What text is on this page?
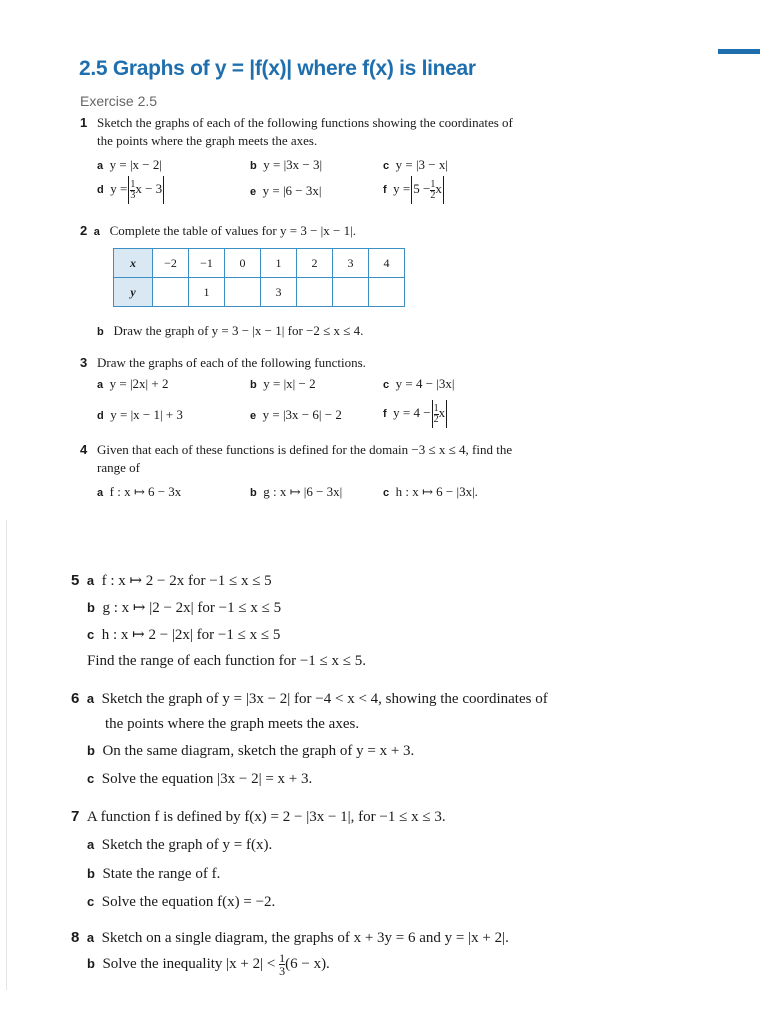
2.5 Graphs of y = |f(x)| where f(x) is linear
Exercise 2.5
1 Sketch the graphs of each of the following functions showing the coordinates of
the points where the graph meets the axes.
a y = |x − 2|	b y = |3x − 3|	c y = |3 − x|
d $y = \frac{1}{3}$ x − 3	e y = |6 − 3x|	f $y = 5 -\frac{1}{2}$ x
2 a Complete the table of values for y = 3 − |x − 1|.
x	−2	−1	0	1	2	3	4
y		1		3			
b Draw the graph of y = 3 − |x − 1| for −2 ≤ x ≤ 4.
3 Draw the graphs of each of the following functions.
a y = |2x| + 2	b y = |x| − 2	c y = 4 − |3x|
d y = |x − 1| + 3	e y = |3x − 6| − 2	f $y = 4 - \frac{1}{2}$ x
4 Given that each of these functions is defined for the domain −3 ≤ x ≤ 4, find the
range of
a f : x ↦ 6 − 3x	b g : x ↦ |6 − 3x|	c h : x ↦ 6 − |3x|.
5 a f : x ↦ 2 − 2x for −1 ≤ x ≤ 5
b g : x ↦ |2 − 2x| for −1 ≤ x ≤ 5
c h : x ↦ 2 − |2x| for −1 ≤ x ≤ 5
Find the range of each function for −1 ≤ x ≤ 5.
6 a Sketch the graph of y = |3x − 2| for −4 < x < 4, showing the coordinates of
the points where the graph meets the axes.
b On the same diagram, sketch the graph of y = x + 3.
c Solve the equation |3x − 2| = x + 3.
7 A function f is defined by f(x) = 2 − |3x − 1|, for −1 ≤ x ≤ 3.
a Sketch the graph of y = f(x).
b State the range of f.
c Solve the equation f(x) = −2.
8 a Sketch on a single diagram, the graphs of x + 3y = 6 and y = |x + 2|.
b Solve the inequality $|x + 2| < \frac{1}{3} (6 - x)$.
